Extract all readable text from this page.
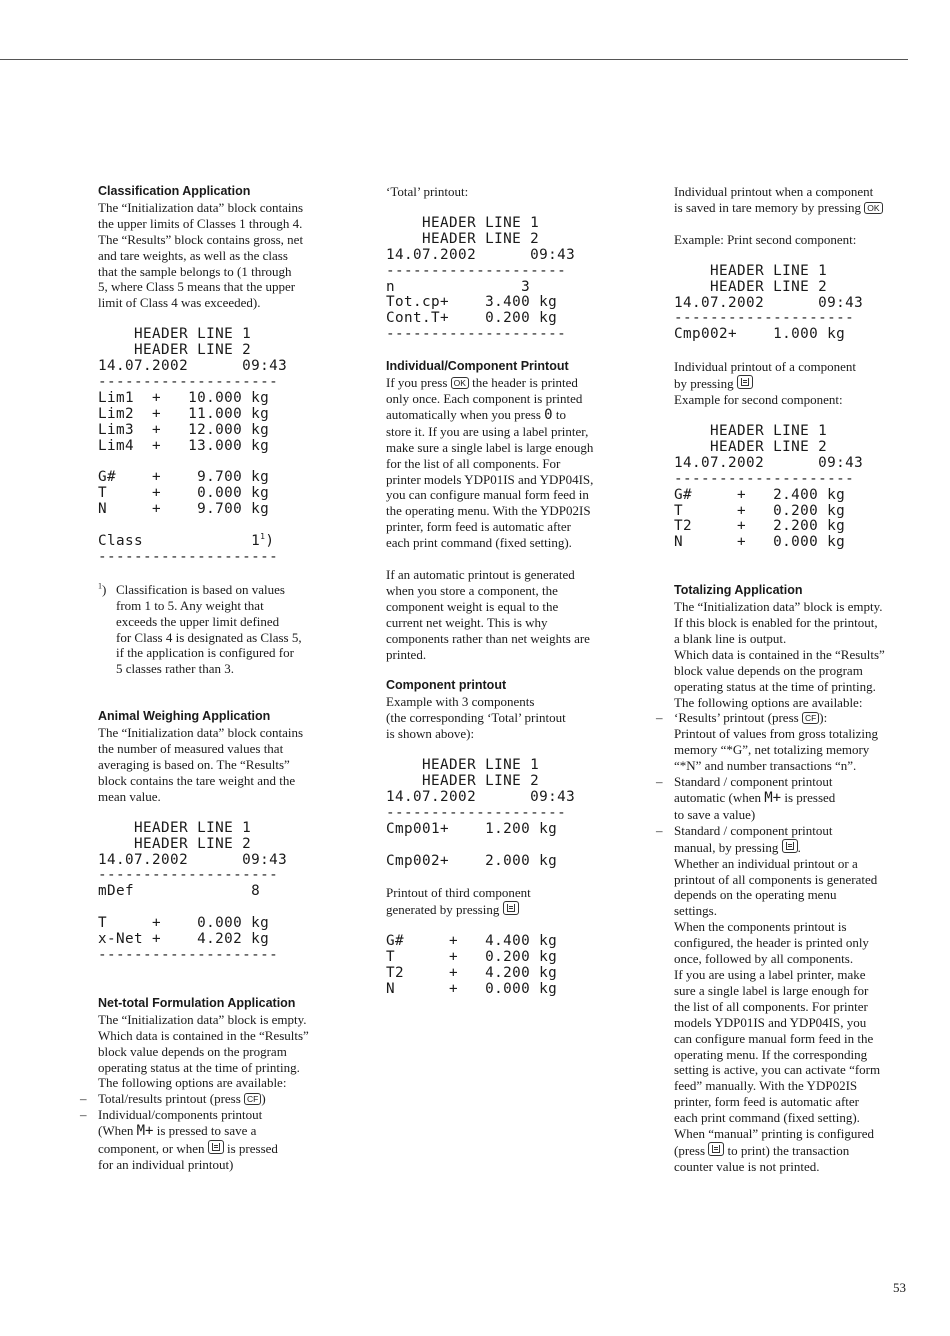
Classification Application
The “Initialization data” block contains
the upper limits of Classes 1 through 4.
The “Results” block contains gross, net
and tare weights, as well as the class
that the sample belongs to (1 through
5, where Class 5 means that the upper
limit of Class 4 was exceeded).
HEADER LINE 1
HEADER LINE 2
14.07.2002      09:43
--------------------
Lim1  +   10.000 kg
Lim2  +   11.000 kg
Lim3  +   12.000 kg
Lim4  +   13.000 kg

G#    +    9.700 kg
T     +    0.000 kg
N     +    9.700 kg

Class            $1^1$)
--------------------
$^1$) Classification is based on values
from 1 to 5. Any weight that
exceeds the upper limit defined
for Class 4 is designated as Class 5,
if the application is configured for
5 classes rather than 3.
Animal Weighing Application
The “Initialization data” block contains
the number of measured values that
averaging is based on. The “Results”
block contains the tare weight and the
mean value.
HEADER LINE 1
HEADER LINE 2
14.07.2002      09:43
--------------------
mDef             8

T     +    0.000 kg
x-Net +    4.202 kg
--------------------
Net-total Formulation Application
The “Initialization data” block is empty.
Which data is contained in the “Results”
block value depends on the program
operating status at the time of printing.
The following options are available:
– Total/results printout (press CF )
– Individual/components printout
(When M+ is pressed to save a
component, or when  is pressed
for an individual printout)
‘Total’ printout:
HEADER LINE 1
HEADER LINE 2
14.07.2002      09:43
--------------------
n              3
Tot.cp+    3.400 kg
Cont.T+    0.200 kg
--------------------
Individual/Component Printout
If you press OK the header is printed
only once. Each component is printed
automatically when you press 0 to
store it. If you are using a label printer,
make sure a single label is large enough
for the list of all components. For
printer models YDP01IS and YDP04IS,
you can configure manual form feed in
the operating menu. With the YDP02IS
printer, form feed is automatic after
each print command (fixed setting).
If an automatic printout is generated
when you store a component, the
component weight is equal to the
current net weight. This is why
components rather than net weights are
printed.
Component printout
Example with 3 components
(the corresponding ‘Total’ printout
is shown above):
HEADER LINE 1
HEADER LINE 2
14.07.2002      09:43
--------------------
Cmp001+    1.200 kg

Cmp002+    2.000 kg
Printout of third component
generated by pressing
G#     +   4.400 kg
T      +   0.200 kg
T2     +   4.200 kg
N      +   0.000 kg
Individual printout when a component
is saved in tare memory by pressing OK
Example: Print second component:
HEADER LINE 1
HEADER LINE 2
14.07.2002      09:43
--------------------
Cmp002+    1.000 kg
Individual printout of a component
by pressing
Example for second component:
HEADER LINE 1
HEADER LINE 2
14.07.2002      09:43
--------------------
G#     +   2.400 kg
T      +   0.200 kg
T2     +   2.200 kg
N      +   0.000 kg
Totalizing Application
The “Initialization data” block is empty.
If this block is enabled for the printout,
a blank line is output.
Which data is contained in the “Results”
block value depends on the program
operating status at the time of printing.
The following options are available:
– ‘Results’ printout (press CF ):
Printout of values from gross totalizing
memory “*G”, net totalizing memory
“*N” and number transactions “n”.
– Standard / component printout
automatic (when M+ is pressed
to save a value)
– Standard / component printout
manual, by pressing .
Whether an individual printout or a
printout of all components is generated
depends on the operating menu
settings.
When the components printout is
configured, the header is printed only
once, followed by all components.
If you are using a label printer, make
sure a single label is large enough for
the list of all components. For printer
models YDP01IS and YDP04IS, you
can configure manual form feed in the
operating menu. If the corresponding
setting is active, you can activate “form
feed” manually. With the YDP02IS
printer, form feed is automatic after
each print command (fixed setting).
When “manual” printing is configured
(press  to print) the transaction
counter value is not printed.
53
